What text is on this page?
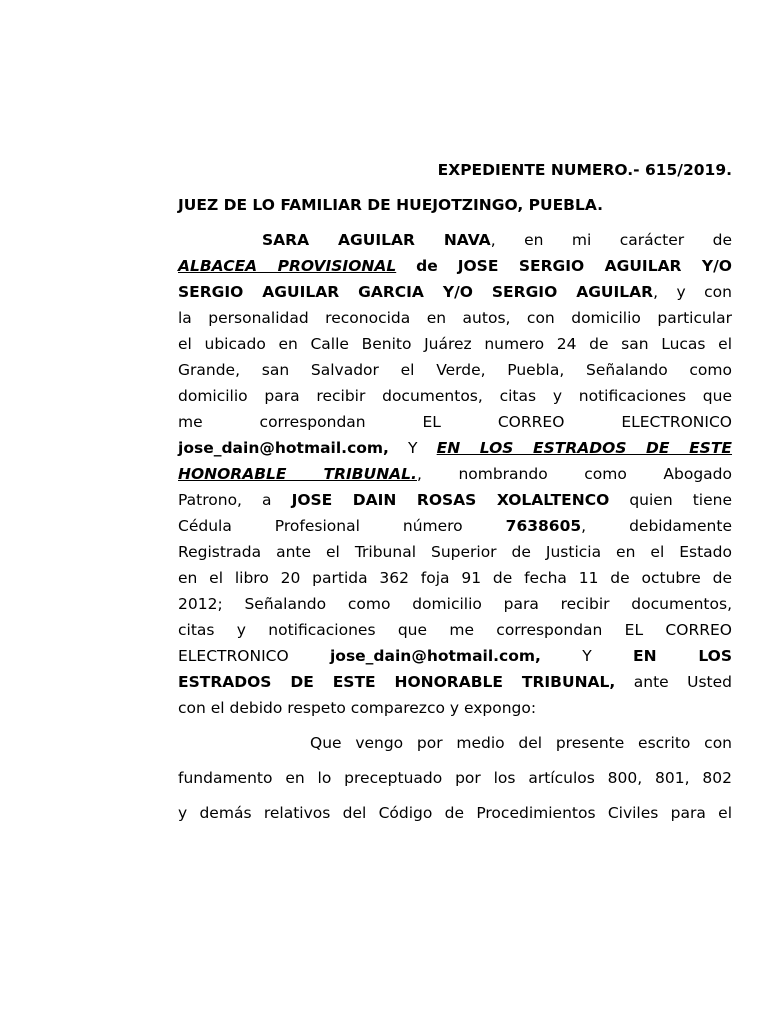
EXPEDIENTE NUMERO.- 615/2019.
JUEZ DE LO FAMILIAR DE HUEJOTZINGO, PUEBLA.
SARA AGUILAR NAVA, en mi carácter de
ALBACEA PROVISIONAL de JOSE SERGIO AGUILAR Y/O
SERGIO AGUILAR GARCIA Y/O SERGIO AGUILAR, y con
la personalidad reconocida en autos, con domicilio particular
el ubicado en Calle Benito Juárez numero 24 de san Lucas el
Grande, san Salvador el Verde, Puebla, Señalando como
domicilio para recibir documentos, citas y notificaciones que
me correspondan EL CORREO ELECTRONICO
jose_dain@hotmail.com, Y EN LOS ESTRADOS DE ESTE
HONORABLE TRIBUNAL., nombrando como Abogado
Patrono, a JOSE DAIN ROSAS XOLALTENCO quien tiene
Cédula Profesional número 7638605, debidamente
Registrada ante el Tribunal Superior de Justicia en el Estado
en el libro 20 partida 362 foja 91 de fecha 11 de octubre de
2012; Señalando como domicilio para recibir documentos,
citas y notificaciones que me correspondan EL CORREO
ELECTRONICO jose_dain@hotmail.com, Y EN LOS
ESTRADOS DE ESTE HONORABLE TRIBUNAL, ante Usted
con el debido respeto comparezco y expongo:
Que vengo por medio del presente escrito con
fundamento en lo preceptuado por los artículos 800, 801, 802
y demás relativos del Código de Procedimientos Civiles para el
